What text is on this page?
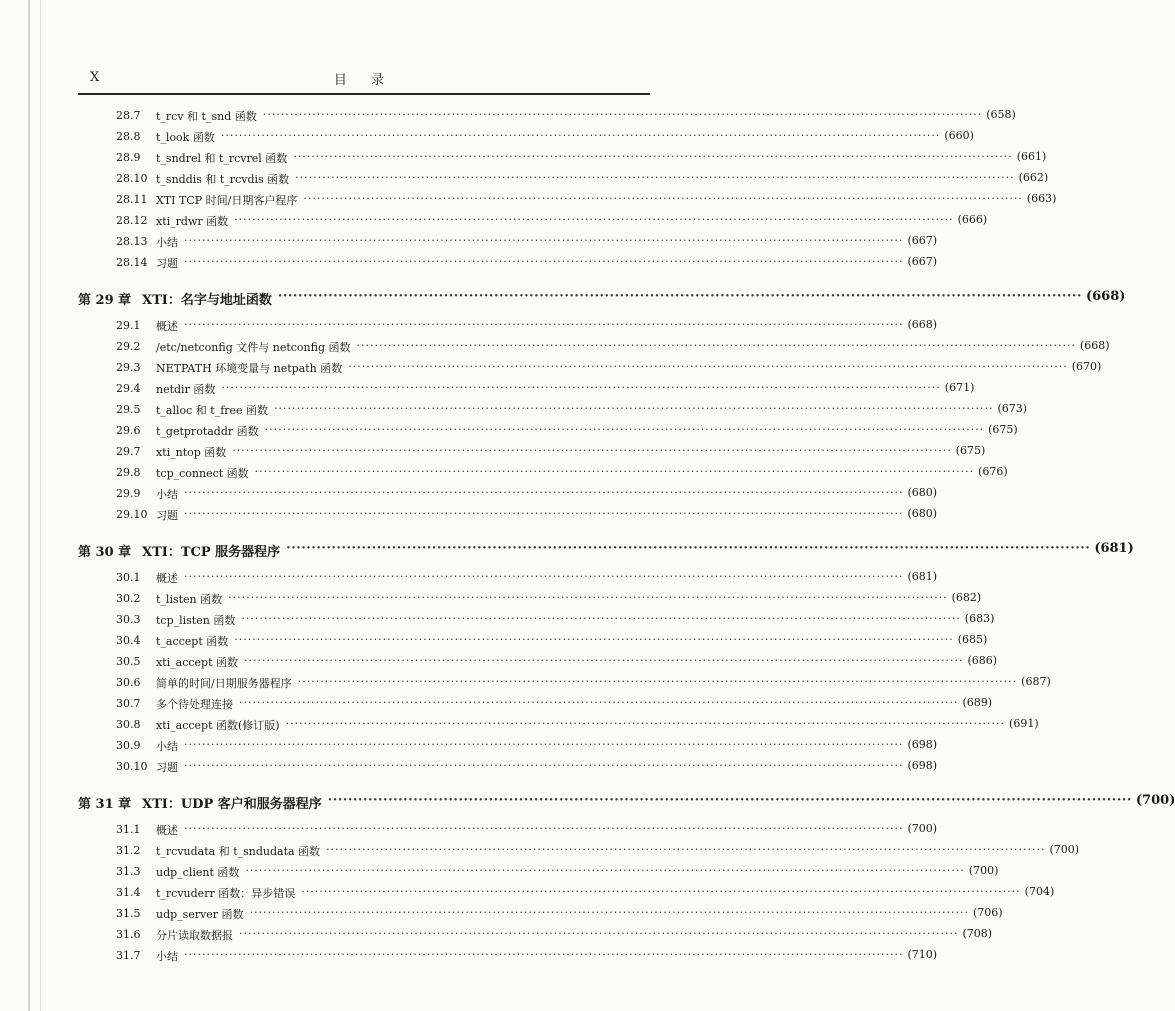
X	目 录
28.7	t_rcv 和 t_snd 函数 ································································································································································ (658)
28.8	t_look 函数 ································································································································································ (660)
28.9	t_sndrel 和 t_rcvrel 函数 ································································································································································ (661)
28.10 t_snddis 和 t_rcvdis 函数 ································································································································································ (662)
28.11 XTI TCP 时间/日期客户程序 ································································································································································ (663)
28.12 xti_rdwr 函数 ································································································································································ (666)
28.13 小结 ································································································································································ (667)
28.14 习题 ································································································································································ (667)
第 29 章 XTI：名字与地址函数 ································································································································································ (668)
29.1	概述 ································································································································································ (668)
29.2	/etc/netconfig 文件与 netconfig 函数 ································································································································································ (668)
29.3	NETPATH 环境变量与 netpath 函数 ································································································································································ (670)
29.4	netdir 函数 ································································································································································ (671)
29.5	t_alloc 和 t_free 函数 ································································································································································ (673)
29.6	t_getprotaddr 函数 ································································································································································ (675)
29.7	xti_ntop 函数 ································································································································································ (675)
29.8	tcp_connect 函数 ································································································································································ (676)
29.9	小结 ································································································································································ (680)
29.10 习题 ································································································································································ (680)
第 30 章 XTI：TCP 服务器程序 ································································································································································ (681)
30.1	概述 ································································································································································ (681)
30.2	t_listen 函数 ································································································································································ (682)
30.3	tcp_listen 函数 ································································································································································ (683)
30.4	t_accept 函数 ································································································································································ (685)
30.5	xti_accept 函数 ································································································································································ (686)
30.6	简单的时间/日期服务器程序 ································································································································································ (687)
30.7	多个待处理连接 ································································································································································ (689)
30.8	xti_accept 函数(修订版) ································································································································································ (691)
30.9	小结 ································································································································································ (698)
30.10 习题 ································································································································································ (698)
第 31 章 XTI：UDP 客户和服务器程序 ································································································································································ (700)
31.1	概述 ································································································································································ (700)
31.2	t_rcvudata 和 t_sndudata 函数 ································································································································································ (700)
31.3	udp_client 函数 ································································································································································ (700)
31.4	t_rcvuderr 函数：异步错误 ································································································································································ (704)
31.5	udp_server 函数 ································································································································································ (706)
31.6	分片读取数据报 ································································································································································ (708)
31.7	小结 ································································································································································ (710)
